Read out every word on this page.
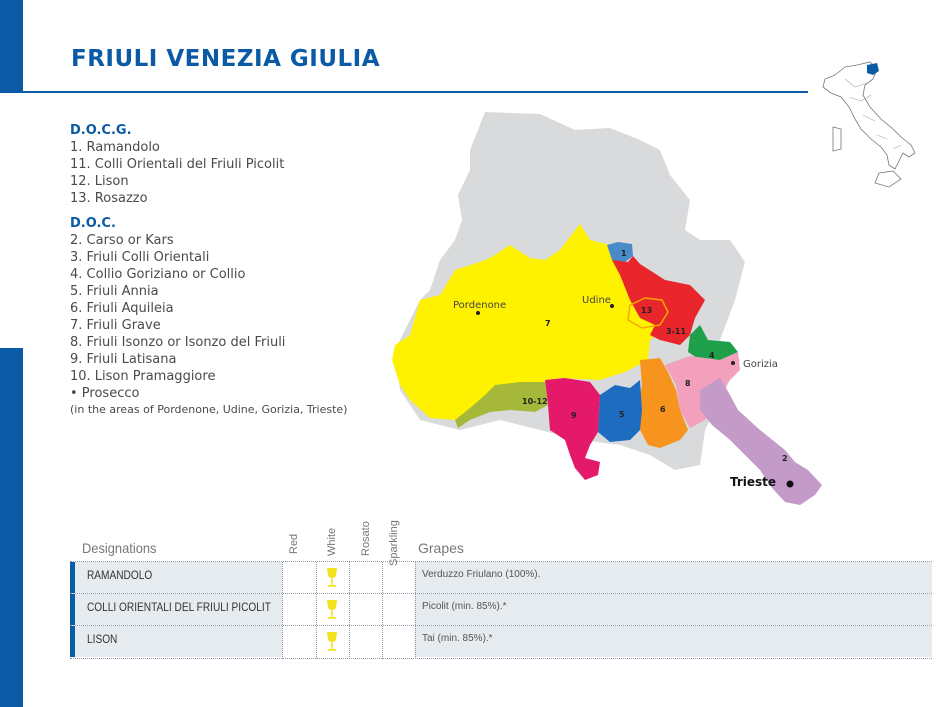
FRIULI VENEZIA GIULIA
D.O.C.G.
1. Ramandolo
11. Colli Orientali del Friuli Picolit
12. Lison
13. Rosazzo
D.O.C.
2. Carso or Kars
3. Friuli Colli Orientali
4. Collio Goriziano or Collio
5. Friuli Annia
6. Friuli Aquileia
7. Friuli Grave
8. Friuli Isonzo or Isonzo del Friuli
9. Friuli Latisana
10. Lison Pramaggiore
• Prosecco
(in the areas of Pordenone, Udine, Gorizia, Trieste)
Pordenone	Udine
Gorizia
Trieste
1
2
3-11
4
5
6
7
8
9
10-12
13
Designations	Red White Rosato Sparkling Grapes
RAMANDOLO	Verduzzo Friulano (100%).
COLLI ORIENTALI DEL FRIULI PICOLIT	Picolit (min. 85%).*
LISON	Tai (min. 85%).*
